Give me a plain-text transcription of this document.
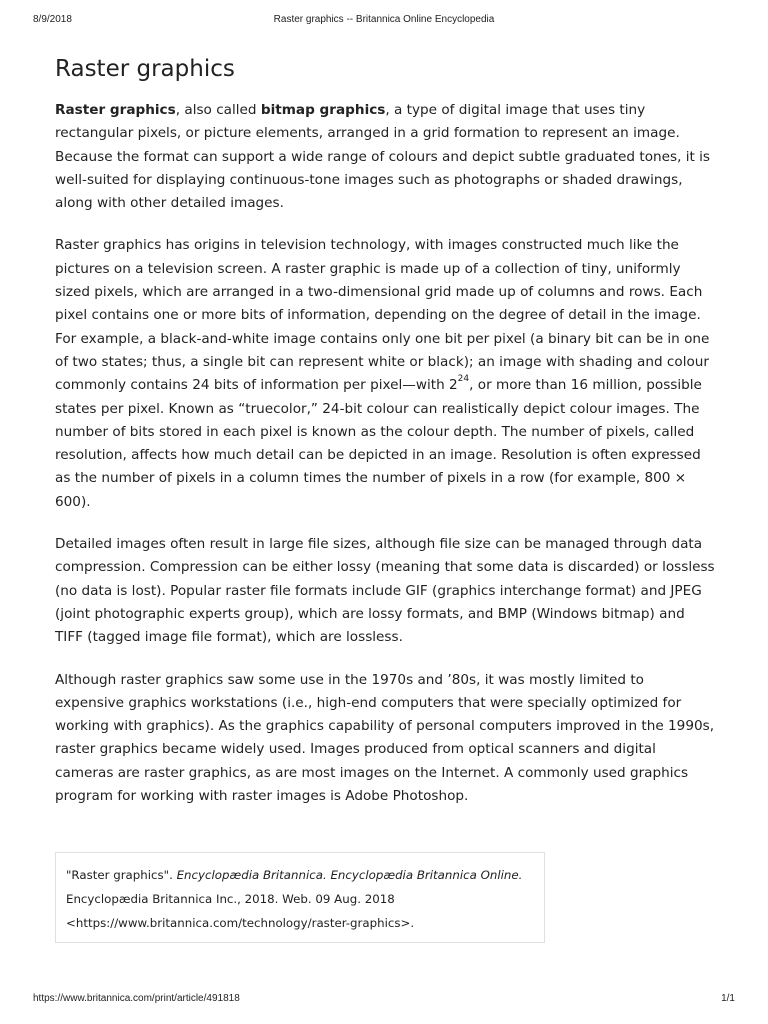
8/9/2018	Raster graphics -- Britannica Online Encyclopedia
Raster graphics

Raster graphics, also called bitmap graphics, a type of digital image that uses tiny rectangular pixels, or picture elements, arranged in a grid formation to represent an image. Because the format can support a wide range of colours and depict subtle graduated tones, it is well-suited for displaying continuous-tone images such as photographs or shaded drawings, along with other detailed images.

Raster graphics has origins in television technology, with images constructed much like the pictures on a television screen. A raster graphic is made up of a collection of tiny, uniformly sized pixels, which are arranged in a two-dimensional grid made up of columns and rows. Each pixel contains one or more bits of information, depending on the degree of detail in the image. For example, a black-and-white image contains only one bit per pixel (a binary bit can be in one of two states; thus, a single bit can represent white or black); an image with shading and colour commonly contains 24 bits of information per pixel—with $2^{24}$, or more than 16 million, possible states per pixel. Known as “truecolor,” 24-bit colour can realistically depict colour images. The number of bits stored in each pixel is known as the colour depth. The number of pixels, called resolution, affects how much detail can be depicted in an image. Resolution is often expressed as the number of pixels in a column times the number of pixels in a row (for example, 800 × 600).

Detailed images often result in large file sizes, although file size can be managed through data compression. Compression can be either lossy (meaning that some data is discarded) or lossless (no data is lost). Popular raster file formats include GIF (graphics interchange format) and JPEG (joint photographic experts group), which are lossy formats, and BMP (Windows bitmap) and TIFF (tagged image file format), which are lossless.

Although raster graphics saw some use in the 1970s and ’80s, it was mostly limited to expensive graphics workstations (i.e., high-end computers that were specially optimized for working with graphics). As the graphics capability of personal computers improved in the 1990s, raster graphics became widely used. Images produced from optical scanners and digital cameras are raster graphics, as are most images on the Internet. A commonly used graphics program for working with raster images is Adobe Photoshop.

"Raster graphics". Encyclopædia Britannica. Encyclopædia Britannica Online.
Encyclopædia Britannica Inc., 2018. Web. 09 Aug. 2018
<https://www.britannica.com/technology/raster-graphics>.
https://www.britannica.com/print/article/491818	1/1
